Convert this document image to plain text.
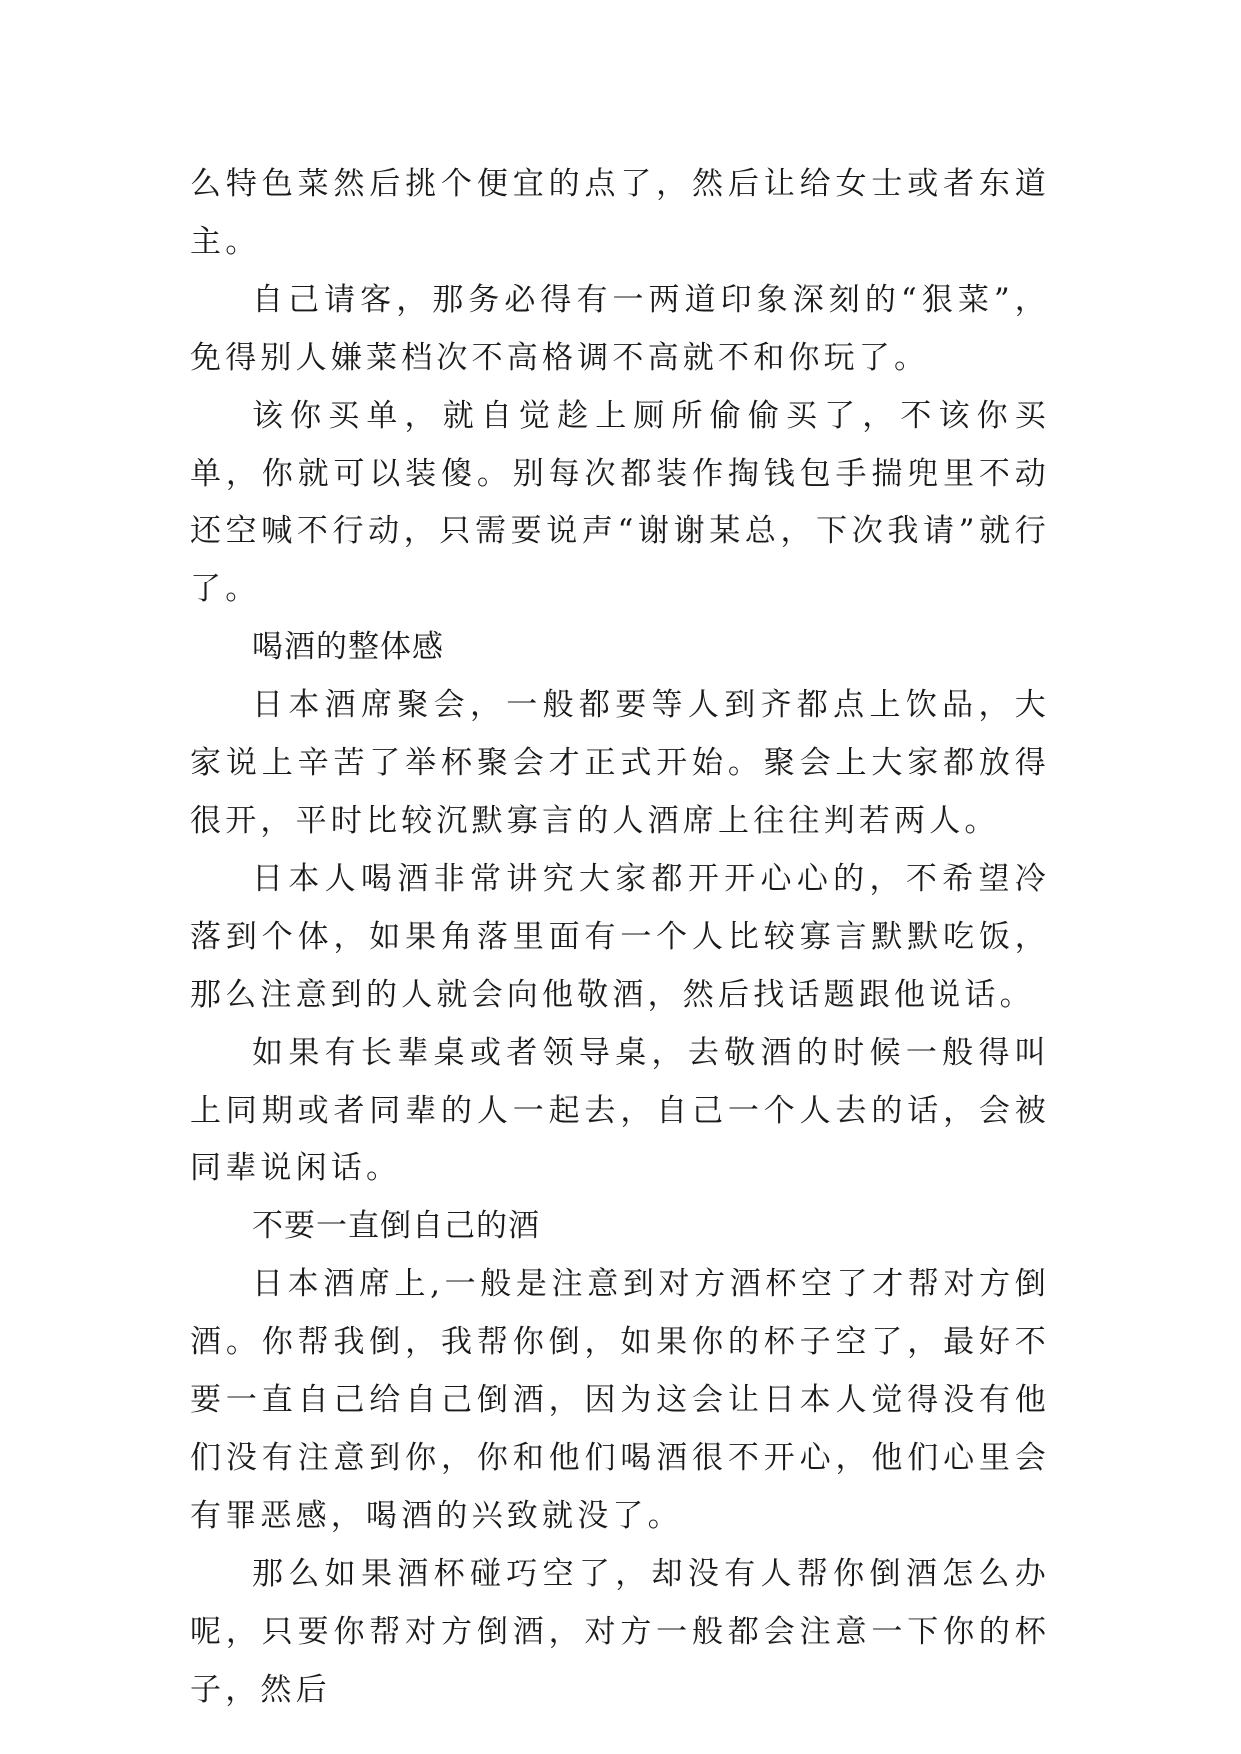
么特色菜然后挑个便宜的点了，然后让给女士或者东道主。

自己请客，那务必得有一两道印象深刻的“狠菜”，免得别人嫌菜档次不高格调不高就不和你玩了。

该你买单，就自觉趁上厕所偷偷买了，不该你买单，你就可以装傻。别每次都装作掏钱包手揣兜里不动还空喊不行动，只需要说声“谢谢某总，下次我请”就行了。

喝酒的整体感

日本酒席聚会，一般都要等人到齐都点上饮品，大家说上辛苦了举杯聚会才正式开始。聚会上大家都放得很开，平时比较沉默寡言的人酒席上往往判若两人。

日本人喝酒非常讲究大家都开开心心的，不希望冷落到个体，如果角落里面有一个人比较寡言默默吃饭，那么注意到的人就会向他敬酒，然后找话题跟他说话。

如果有长辈桌或者领导桌，去敬酒的时候一般得叫上同期或者同辈的人一起去，自己一个人去的话，会被同辈说闲话。

不要一直倒自己的酒

日本酒席上,一般是注意到对方酒杯空了才帮对方倒酒。你帮我倒，我帮你倒，如果你的杯子空了，最好不要一直自己给自己倒酒，因为这会让日本人觉得没有他们没有注意到你，你和他们喝酒很不开心，他们心里会有罪恶感，喝酒的兴致就没了。

那么如果酒杯碰巧空了，却没有人帮你倒酒怎么办呢，只要你帮对方倒酒，对方一般都会注意一下你的杯子，然后
